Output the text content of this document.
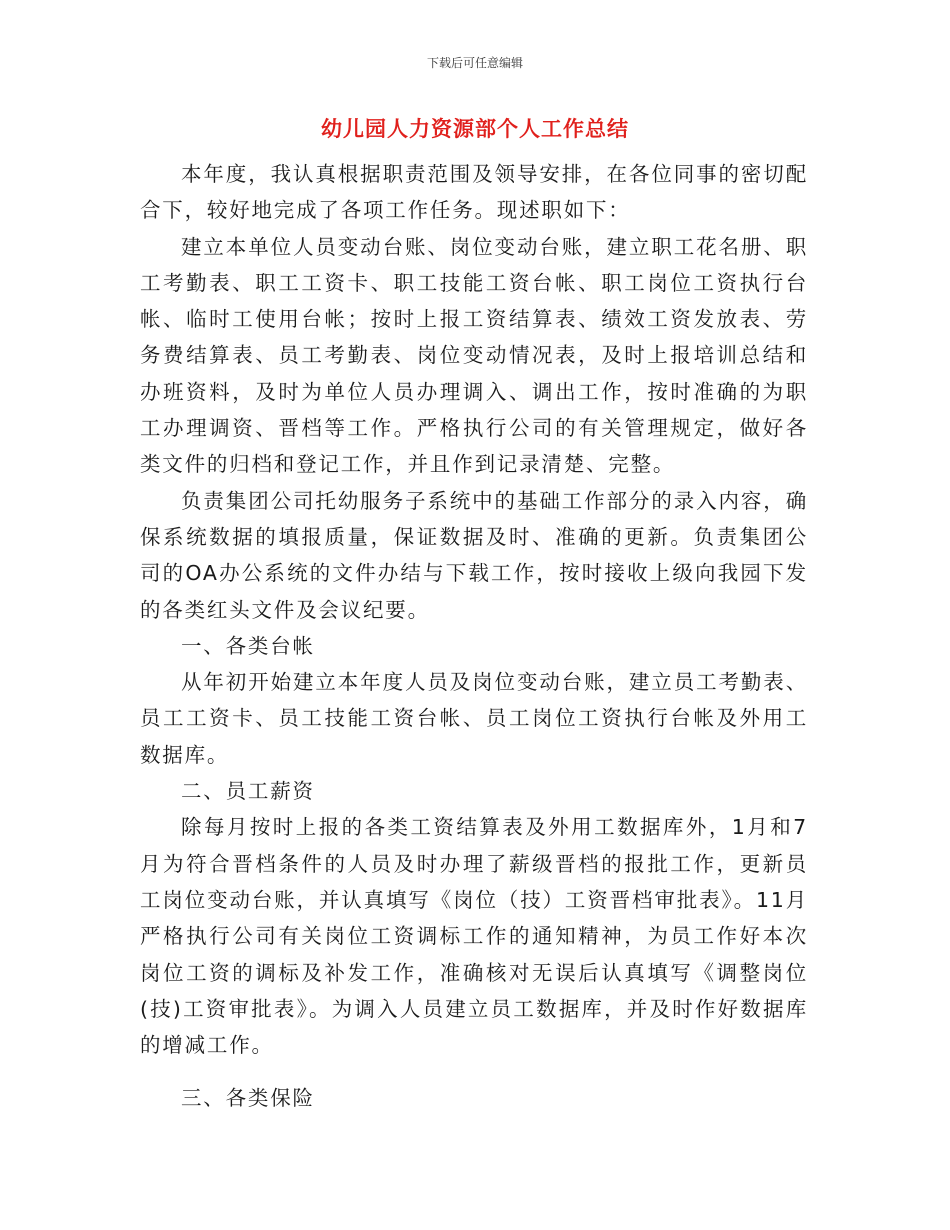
下载后可任意编辑
幼儿园人力资源部个人工作总结

本年度，我认真根据职责范围及领导安排，在各位同事的密切配合下，较好地完成了各项工作任务。现述职如下：

建立本单位人员变动台账、岗位变动台账，建立职工花名册、职工考勤表、职工工资卡、职工技能工资台帐、职工岗位工资执行台帐、临时工使用台帐；按时上报工资结算表、绩效工资发放表、劳务费结算表、员工考勤表、岗位变动情况表，及时上报培训总结和办班资料，及时为单位人员办理调入、调出工作，按时准确的为职工办理调资、晋档等工作。严格执行公司的有关管理规定，做好各类文件的归档和登记工作，并且作到记录清楚、完整。

负责集团公司托幼服务子系统中的基础工作部分的录入内容，确保系统数据的填报质量，保证数据及时、准确的更新。负责集团公司的OA办公系统的文件办结与下载工作，按时接收上级向我园下发的各类红头文件及会议纪要。

一、各类台帐

从年初开始建立本年度人员及岗位变动台账，建立员工考勤表、员工工资卡、员工技能工资台帐、员工岗位工资执行台帐及外用工数据库。

二、员工薪资

除每月按时上报的各类工资结算表及外用工数据库外，1月和7月为符合晋档条件的人员及时办理了薪级晋档的报批工作，更新员工岗位变动台账，并认真填写《岗位（技）工资晋档审批表》。11月严格执行公司有关岗位工资调标工作的通知精神，为员工作好本次岗位工资的调标及补发工作，准确核对无误后认真填写《调整岗位(技)工资审批表》。为调入人员建立员工数据库，并及时作好数据库的增减工作。

三、各类保险
